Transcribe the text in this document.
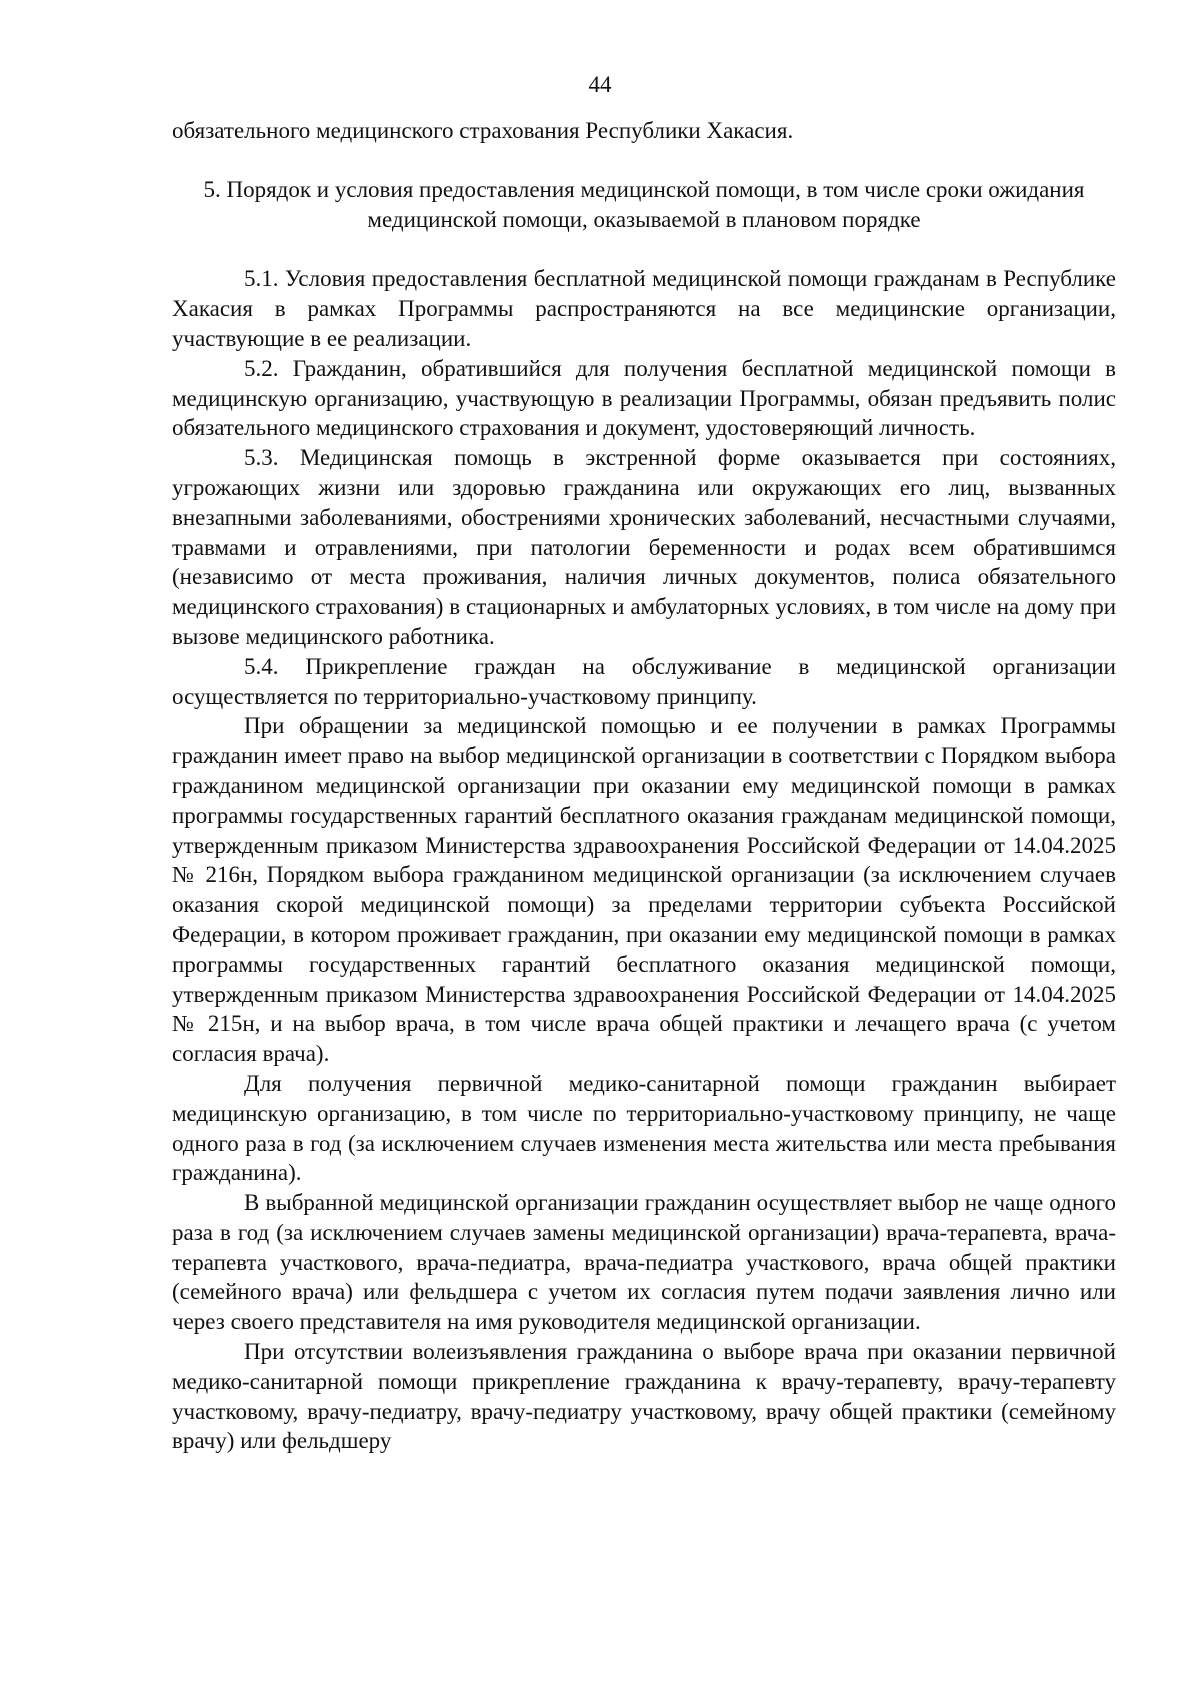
44

обязательного медицинского страхования Республики Хакасия.

5. Порядок и условия предоставления медицинской помощи, в том числе сроки ожидания медицинской помощи, оказываемой в плановом порядке

5.1. Условия предоставления бесплатной медицинской помощи гражданам в Республике Хакасия в рамках Программы распространяются на все медицинские организации, участвующие в ее реализации.

5.2. Гражданин, обратившийся для получения бесплатной медицинской помощи в медицинскую организацию, участвующую в реализации Программы, обязан предъявить полис обязательного медицинского страхования и документ, удостоверяющий личность.

5.3. Медицинская помощь в экстренной форме оказывается при состояниях, угрожающих жизни или здоровью гражданина или окружающих его лиц, вызванных внезапными заболеваниями, обострениями хронических заболеваний, несчастными случаями, травмами и отравлениями, при патологии беременности и родах всем обратившимся (независимо от места проживания, наличия личных документов, полиса обязательного медицинского страхования) в стационарных и амбулаторных условиях, в том числе на дому при вызове медицинского работника.

5.4. Прикрепление граждан на обслуживание в медицинской организации осуществляется по территориально-участковому принципу.

При обращении за медицинской помощью и ее получении в рамках Программы гражданин имеет право на выбор медицинской организации в соответствии с Порядком выбора гражданином медицинской организации при оказании ему медицинской помощи в рамках программы государственных гарантий бесплатного оказания гражданам медицинской помощи, утвержденным приказом Министерства здравоохранения Российской Федерации от 14.04.2025 № 216н, Порядком выбора гражданином медицинской организации (за исключением случаев оказания скорой медицинской помощи) за пределами территории субъекта Российской Федерации, в котором проживает гражданин, при оказании ему медицинской помощи в рамках программы государственных гарантий бесплатного оказания медицинской помощи, утвержденным приказом Министерства здравоохранения Российской Федерации от 14.04.2025 № 215н, и на выбор врача, в том числе врача общей практики и лечащего врача (с учетом согласия врача).

Для получения первичной медико-санитарной помощи гражданин выбирает медицинскую организацию, в том числе по территориально-участковому принципу, не чаще одного раза в год (за исключением случаев изменения места жительства или места пребывания гражданина).

В выбранной медицинской организации гражданин осуществляет выбор не чаще одного раза в год (за исключением случаев замены медицинской организации) врача-терапевта, врача-терапевта участкового, врача-педиатра, врача-педиатра участкового, врача общей практики (семейного врача) или фельдшера с учетом их согласия путем подачи заявления лично или через своего представителя на имя руководителя медицинской организации.

При отсутствии волеизъявления гражданина о выборе врача при оказании первичной медико-санитарной помощи прикрепление гражданина к врачу-терапевту, врачу-терапевту участковому, врачу-педиатру, врачу-педиатру участковому, врачу общей практики (семейному врачу) или фельдшеру
